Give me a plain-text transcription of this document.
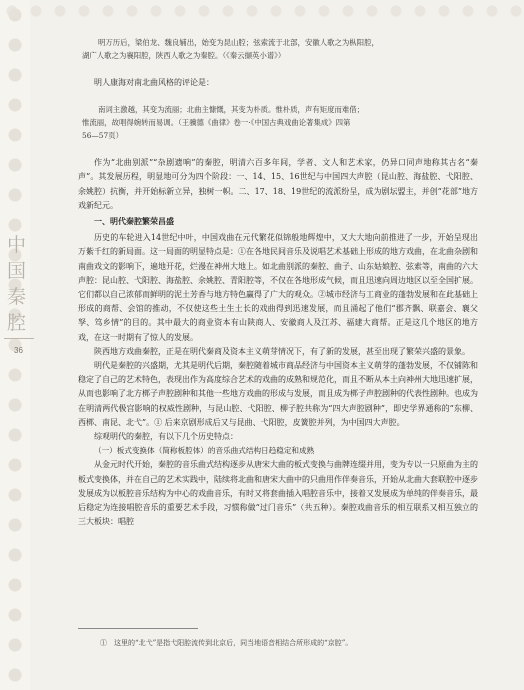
中
国
秦
腔
36

明万历后，梁伯龙、魏良辅出，始变为昆山腔；弦索流于北部，安徽人歌之为枞阳腔，

湖广人歌之为襄阳腔，陕西人歌之为秦腔。（《秦云撷英小谱》）

明人康海对南北曲风格的评论是：

南词主激越，其变为流丽；北曲主慷慨，其变为朴质。惟朴质，声有矩度而难借；

惟流丽，故唱得婉转而易调。（王骥德《曲律》卷一·《中国古典戏曲论著集成》四第

56—57页）

作为“北曲别派”“杂剧遗响”的秦腔，明清六百多年间，学者、文人和艺术家，仍异口同声地称其古名“秦声”。其发展历程，明显地可分为四个阶段：一、14、15、16世纪与中国四大声腔（昆山腔、海盐腔、弋阳腔、余姚腔）抗衡，并开始标新立异，独树一帜。二、17、18、19世纪的流派纷呈，成为剧坛盟主，并创“花部”地方戏新纪元。

一、明代秦腔繁荣昌盛

历史的车轮进入14世纪中叶，中国戏曲在元代繁花似锦般地辉煌中，又大大地向前推进了一步，开始呈现出万紫千红的新局面。这一局面的明显特点是：①在各地民间音乐及说唱艺术基础上形成的地方戏曲，在北曲杂剧和南曲戏文的影响下，遍地开花，烂漫在神州大地上。如北曲别派的秦腔、曲子、山东姑娘腔、弦索等，南曲的六大声腔：昆山腔、弋阳腔、海盐腔、余姚腔、青阳腔等，不仅在各地形成气候，而且迅速向周边地区以至全国扩展。它们都以自己浓郁而鲜明的泥土芳香与地方特色赢得了广大的观众。②城市经济与工商业的蓬勃发展和在此基础上形成的商帮、会馆的推动，不仅使这些土生土长的戏曲得到迅速发展，而且涌起了他们“郡齐飘、联嘉会、襄父孥、笃乡情”的目的。其中最大的商业资本有山陕商人、安徽商人及江苏、福建大商帮。正是这几个地区的地方戏，在这一时期有了惊人的发展。

陕西地方戏曲秦腔，正是在明代秦商及资本主义萌芽情况下，有了新的发展，甚至出现了繁荣兴盛的景象。

明代是秦腔的兴盛期，尤其是明代后期，秦腔随着城市商品经济与中国资本主义萌芽的蓬勃发展，不仅铺陈和稳定了自己的艺术特色，表现出作为高度综合艺术的戏曲的成熟和规范化，而且不断从本土向神州大地迅速扩展，从而也影响了北方梆子声腔剧种和其他一些地方戏曲的形成与发展，而且成为梆子声腔剧种的代表性剧种。也成为在明清两代极宫影响的权威性剧种，与昆山腔、弋阳腔、柳子腔共称为“四大声腔剧种”，即史学界通称的“东柳、西梆、南昆、北弋”。① 后来京剧形成后又与昆曲、弋阳腔，皮簧腔并列，为中国四大声腔。

综观明代的秦腔，有以下几个历史特点：

（一）板式变换体（简称板腔体）的音乐曲式结构日趋稳定和成熟

从金元时代开始，秦腔的音乐曲式结构逐步从唐宋大曲的板式变换与曲牌连缀并用，变为专以一只原曲为主的板式变换体，并在自己的艺术实践中，陆续将北曲和唐宋大曲中的只曲用作伴奏音乐，开始从北曲大套联腔中逐步发展成为以板腔音乐结构为中心的戏曲音乐，有时又将套曲插入唱腔音乐中，接着又发展成为单纯的伴奏音乐，最后稳定为连接唱腔音乐的重要艺术手段，习惯称做“过门音乐”（共五种）。秦腔戏曲音乐的相互联系又相互独立的三大板块：唱腔

①　这里的“北弋”是指弋阳腔流传到北京后，同当地语音相结合所形成的“京腔”。
